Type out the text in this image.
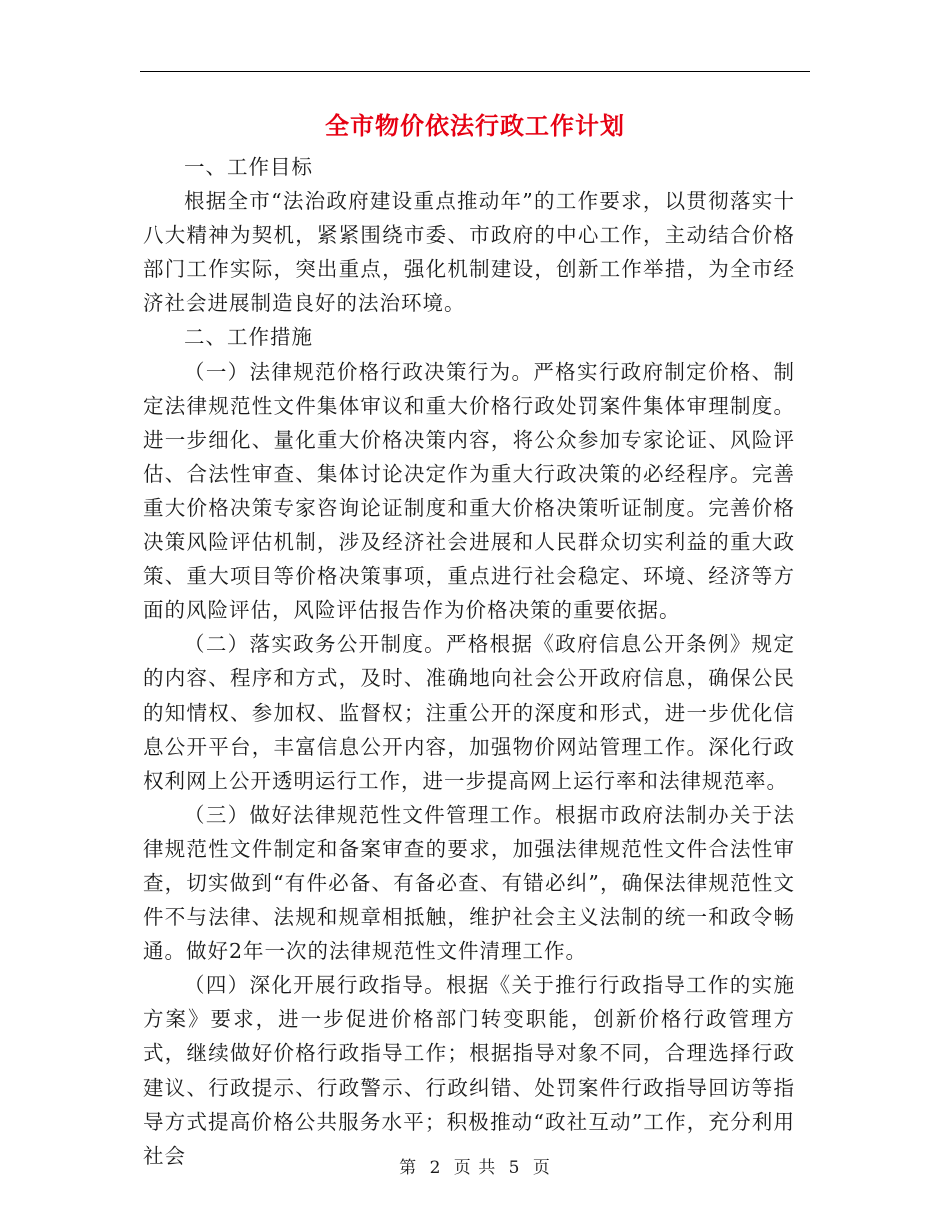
全市物价依法行政工作计划

一、工作目标

根据全市“法治政府建设重点推动年”的工作要求，以贯彻落实十八大精神为契机，紧紧围绕市委、市政府的中心工作，主动结合价格部门工作实际，突出重点，强化机制建设，创新工作举措，为全市经济社会进展制造良好的法治环境。

二、工作措施

（一）法律规范价格行政决策行为。严格实行政府制定价格、制定法律规范性文件集体审议和重大价格行政处罚案件集体审理制度。进一步细化、量化重大价格决策内容，将公众参加专家论证、风险评估、合法性审查、集体讨论决定作为重大行政决策的必经程序。完善重大价格决策专家咨询论证制度和重大价格决策听证制度。完善价格决策风险评估机制，涉及经济社会进展和人民群众切实利益的重大政策、重大项目等价格决策事项，重点进行社会稳定、环境、经济等方面的风险评估，风险评估报告作为价格决策的重要依据。

（二）落实政务公开制度。严格根据《政府信息公开条例》规定的内容、程序和方式，及时、准确地向社会公开政府信息，确保公民的知情权、参加权、监督权；注重公开的深度和形式，进一步优化信息公开平台，丰富信息公开内容，加强物价网站管理工作。深化行政权利网上公开透明运行工作，进一步提高网上运行率和法律规范率。

（三）做好法律规范性文件管理工作。根据市政府法制办关于法律规范性文件制定和备案审查的要求，加强法律规范性文件合法性审查，切实做到“有件必备、有备必查、有错必纠”，确保法律规范性文件不与法律、法规和规章相抵触，维护社会主义法制的统一和政令畅通。做好2年一次的法律规范性文件清理工作。

（四）深化开展行政指导。根据《关于推行行政指导工作的实施方案》要求，进一步促进价格部门转变职能，创新价格行政管理方式，继续做好价格行政指导工作；根据指导对象不同，合理选择行政建议、行政提示、行政警示、行政纠错、处罚案件行政指导回访等指导方式提高价格公共服务水平；积极推动“政社互动”工作，充分利用社会

第 2 页 共 5 页
